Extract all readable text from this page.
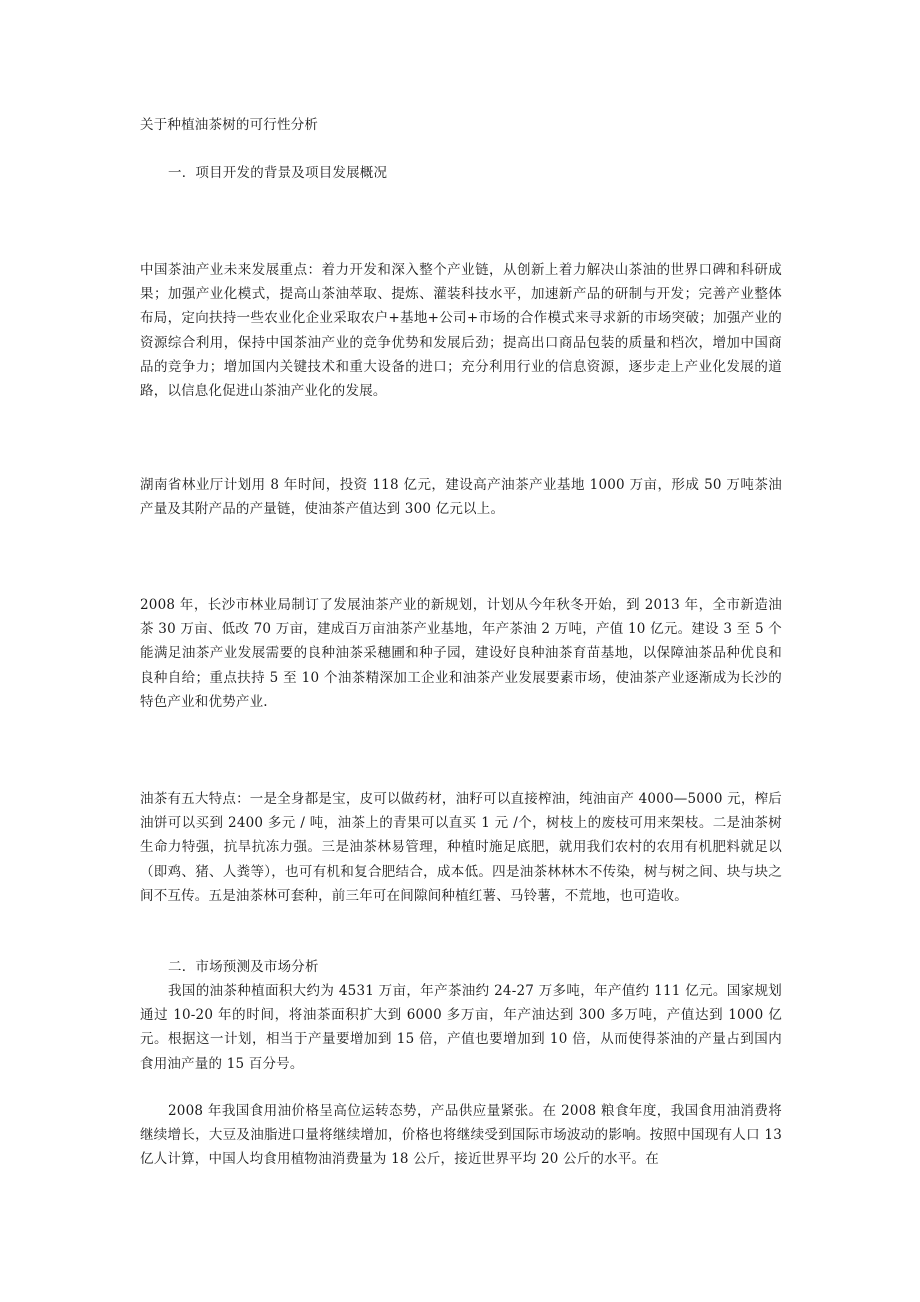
关于种植油茶树的可行性分析

一．项目开发的背景及项目发展概况

中国茶油产业未来发展重点：着力开发和深入整个产业链，从创新上着力解决山茶油的世界口碑和科研成果；加强产业化模式，提高山茶油萃取、提炼、灌装科技水平，加速新产品的研制与开发；完善产业整体布局，定向扶持一些农业化企业采取农户+基地+公司+市场的合作模式来寻求新的市场突破；加强产业的资源综合利用，保持中国茶油产业的竞争优势和发展后劲；提高出口商品包装的质量和档次，增加中国商品的竞争力；增加国内关键技术和重大设备的进口；充分利用行业的信息资源，逐步走上产业化发展的道路，以信息化促进山茶油产业化的发展。

湖南省林业厅计划用 8 年时间，投资 118 亿元，建设高产油茶产业基地 1000 万亩，形成 50 万吨茶油产量及其附产品的产量链，使油茶产值达到 300 亿元以上。

2008 年，长沙市林业局制订了发展油茶产业的新规划，计划从今年秋冬开始，到 2013 年，全市新造油茶 30 万亩、低改 70 万亩，建成百万亩油茶产业基地，年产茶油 2 万吨，产值 10 亿元。建设 3 至 5 个能满足油茶产业发展需要的良种油茶采穗圃和种子园，建设好良种油茶育苗基地，以保障油茶品种优良和良种自给；重点扶持 5 至 10 个油茶精深加工企业和油茶产业发展要素市场，使油茶产业逐渐成为长沙的特色产业和优势产业.

油茶有五大特点：一是全身都是宝，皮可以做药材，油籽可以直接榨油，纯油亩产 4000—5000 元，榨后油饼可以买到 2400 多元 / 吨，油茶上的青果可以直买 1 元 /个，树枝上的废枝可用来架枝。二是油茶树生命力特强，抗旱抗冻力强。三是油茶林易管理，种植时施足底肥，就用我们农村的农用有机肥料就足以（即鸡、猪、人粪等），也可有机和复合肥结合，成本低。四是油茶林林木不传染，树与树之间、块与块之间不互传。五是油茶林可套种，前三年可在间隙间种植红薯、马铃薯，不荒地，也可造收。

二．市场预测及市场分析

我国的油茶种植面积大约为 4531 万亩，年产茶油约 24-27 万多吨，年产值约 111 亿元。国家规划通过 10-20 年的时间，将油茶面积扩大到 6000 多万亩，年产油达到 300 多万吨，产值达到 1000 亿元。根据这一计划，相当于产量要增加到 15 倍，产值也要增加到 10 倍，从而使得茶油的产量占到国内食用油产量的 15 百分号。

2008 年我国食用油价格呈高位运转态势，产品供应量紧张。在 2008 粮食年度，我国食用油消费将继续增长，大豆及油脂进口量将继续增加，价格也将继续受到国际市场波动的影响。按照中国现有人口 13 亿人计算，中国人均食用植物油消费量为 18 公斤，接近世界平均 20 公斤的水平。在
